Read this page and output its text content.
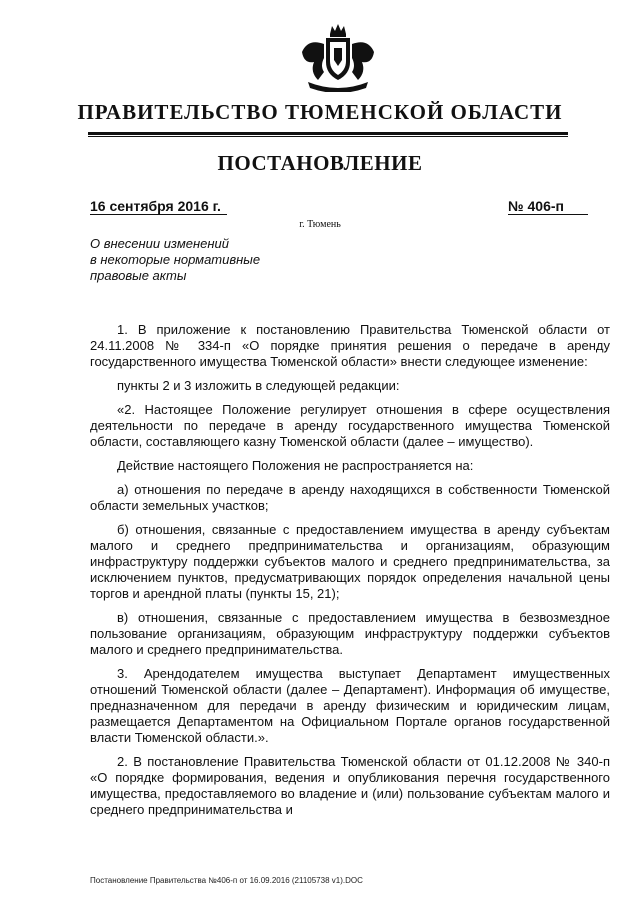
ПРАВИТЕЛЬСТВО ТЮМЕНСКОЙ ОБЛАСТИ
ПОСТАНОВЛЕНИЕ
16 сентября 2016 г.	№ 406-п
г. Тюмень
О внесении изменений
в некоторые нормативные
правовые акты

1. В приложение к постановлению Правительства Тюменской области от 24.11.2008 № 334-п «О порядке принятия решения о передаче в аренду государственного имущества Тюменской области» внести следующее изменение:

пункты 2 и 3 изложить в следующей редакции:

«2. Настоящее Положение регулирует отношения в сфере осуществления деятельности по передаче в аренду государственного имущества Тюменской области, составляющего казну Тюменской области (далее – имущество).

Действие настоящего Положения не распространяется на:

а) отношения по передаче в аренду находящихся в собственности Тюменской области земельных участков;

б) отношения, связанные с предоставлением имущества в аренду субъектам малого и среднего предпринимательства и организациям, образующим инфраструктуру поддержки субъектов малого и среднего предпринимательства, за исключением пунктов, предусматривающих порядок определения начальной цены торгов и арендной платы (пункты 15, 21);

в) отношения, связанные с предоставлением имущества в безвозмездное пользование организациям, образующим инфраструктуру поддержки субъектов малого и среднего предпринимательства.

3. Арендодателем имущества выступает Департамент имущественных отношений Тюменской области (далее – Департамент). Информация об имуществе, предназначенном для передачи в аренду физическим и юридическим лицам, размещается Департаментом на Официальном Портале органов государственной власти Тюменской области.».

2. В постановление Правительства Тюменской области от 01.12.2008 № 340-п «О порядке формирования, ведения и опубликования перечня государственного имущества, предоставляемого во владение и (или) пользование субъектам малого и среднего предпринимательства и

Постановление Правительства №406-п от 16.09.2016 (21105738 v1).DOC
